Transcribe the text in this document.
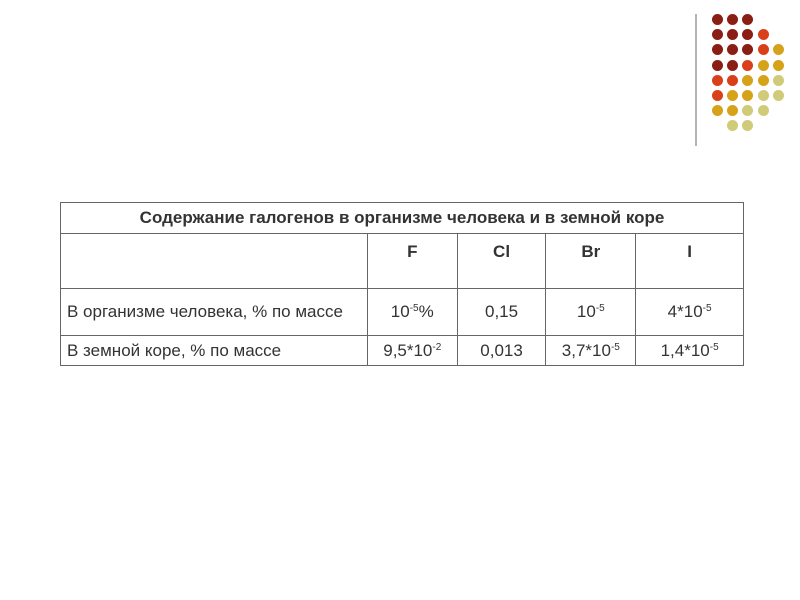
Содержание галогенов в организме человека и в земной коре				
	F	Cl	Br	I
В организме человека, % по массе	$10^{-5}\%$	0,15	$10^{-5}$	$4*10^{-5}$
В земной коре, % по массе	$9,5*10^{-2}$	0,013	$3,7*10^{-5}$	$1,4*10^{-5}$
